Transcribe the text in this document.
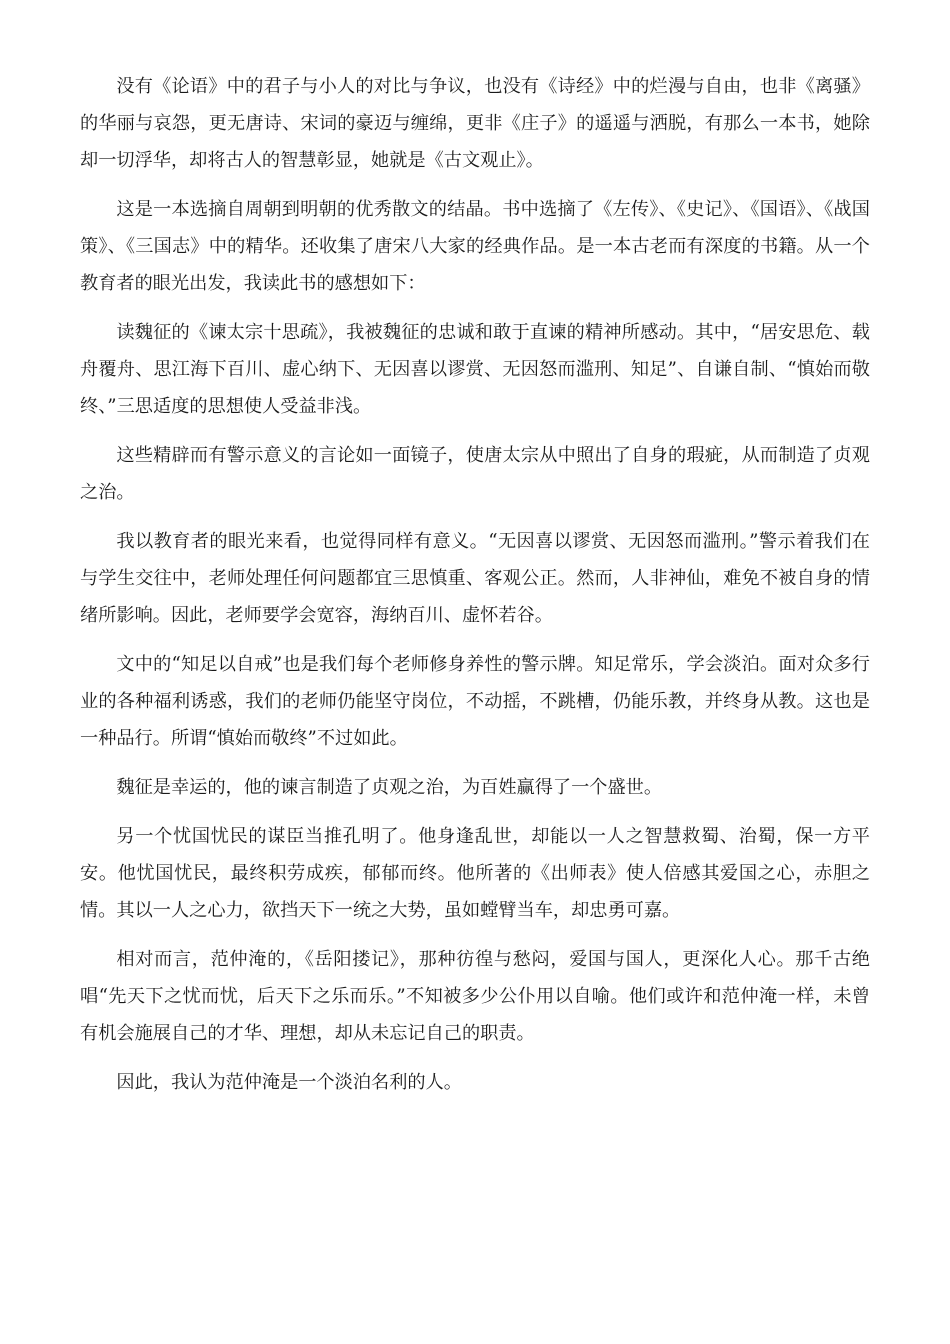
没有《论语》中的君子与小人的对比与争议，也没有《诗经》中的烂漫与自由，也非《离骚》的华丽与哀怨，更无唐诗、宋词的豪迈与缠绵，更非《庄子》的遥遥与洒脱，有那么一本书，她除却一切浮华，却将古人的智慧彰显，她就是《古文观止》。

这是一本选摘自周朝到明朝的优秀散文的结晶。书中选摘了《左传》、《史记》、《国语》、《战国策》、《三国志》中的精华。还收集了唐宋八大家的经典作品。是一本古老而有深度的书籍。从一个教育者的眼光出发，我读此书的感想如下：

读魏征的《谏太宗十思疏》，我被魏征的忠诚和敢于直谏的精神所感动。其中，“居安思危、载舟覆舟、思江海下百川、虚心纳下、无因喜以谬赏、无因怒而滥刑、知足”、自谦自制、“慎始而敬终、”三思适度的思想使人受益非浅。

这些精辟而有警示意义的言论如一面镜子，使唐太宗从中照出了自身的瑕疵，从而制造了贞观之治。

我以教育者的眼光来看，也觉得同样有意义。“无因喜以谬赏、无因怒而滥刑。”警示着我们在与学生交往中，老师处理任何问题都宜三思慎重、客观公正。然而，人非神仙，难免不被自身的情绪所影响。因此，老师要学会宽容，海纳百川、虚怀若谷。

文中的“知足以自戒”也是我们每个老师修身养性的警示牌。知足常乐，学会淡泊。面对众多行业的各种福利诱惑，我们的老师仍能坚守岗位，不动摇，不跳槽，仍能乐教，并终身从教。这也是一种品行。所谓“慎始而敬终”不过如此。

魏征是幸运的，他的谏言制造了贞观之治，为百姓赢得了一个盛世。

另一个忧国忧民的谋臣当推孔明了。他身逢乱世，却能以一人之智慧救蜀、治蜀，保一方平安。他忧国忧民，最终积劳成疾，郁郁而终。他所著的《出师表》使人倍感其爱国之心，赤胆之情。其以一人之心力，欲挡天下一统之大势，虽如螳臂当车，却忠勇可嘉。

相对而言，范仲淹的，《岳阳搂记》，那种彷徨与愁闷，爱国与国人，更深化人心。那千古绝唱“先天下之忧而忧，后天下之乐而乐。”不知被多少公仆用以自喻。他们或许和范仲淹一样，未曾有机会施展自己的才华、理想，却从未忘记自己的职责。

因此，我认为范仲淹是一个淡泊名利的人。
